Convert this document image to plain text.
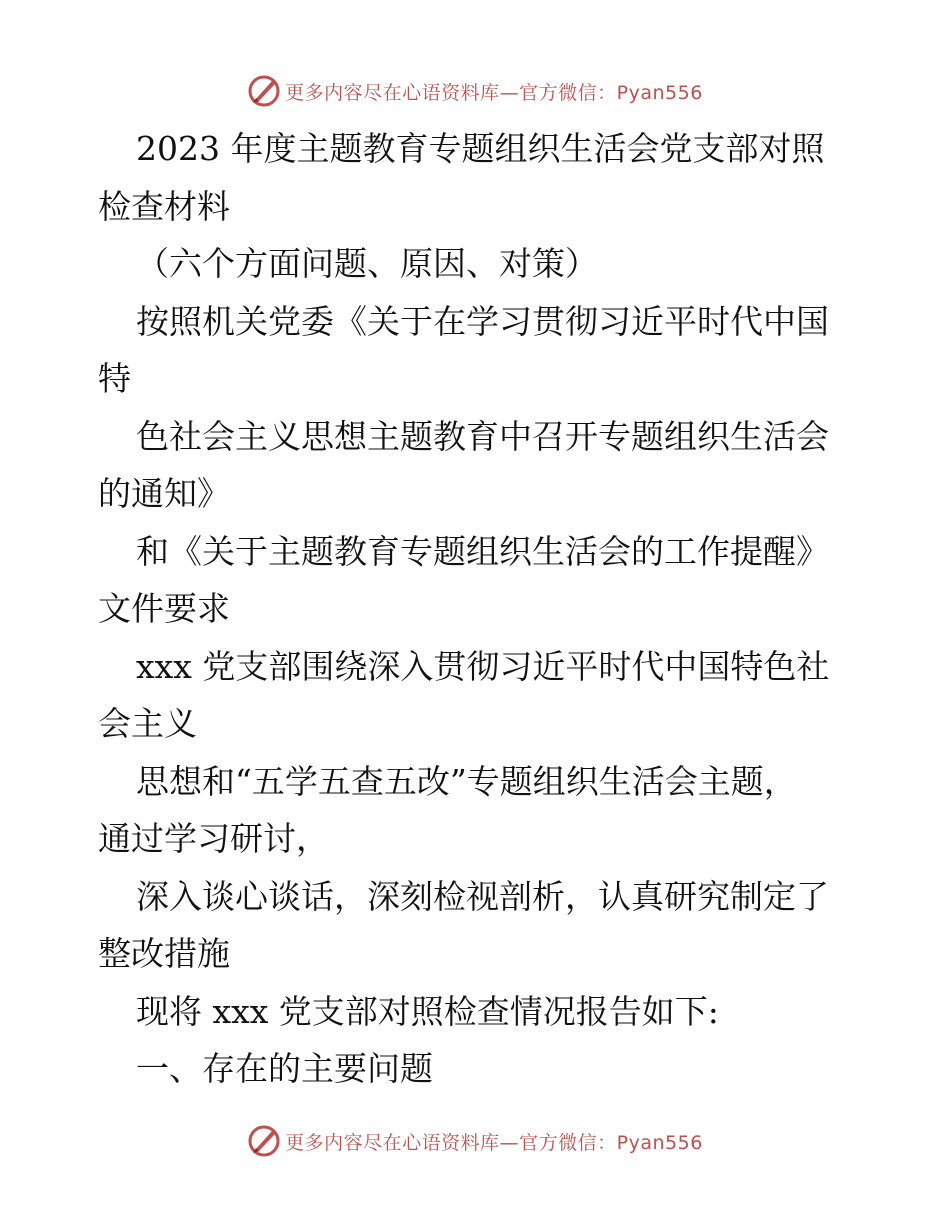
更多内容尽在心语资料库—官方微信：Pyan556

2023 年度主题教育专题组织生活会党支部对照
检查材料

（六个方面问题、原因、对策）

按照机关党委《关于在学习贯彻习近平时代中国
特

色社会主义思想主题教育中召开专题组织生活会
的通知》

和《关于主题教育专题组织生活会的工作提醒》
文件要求

xxx 党支部围绕深入贯彻习近平时代中国特色社
会主义

思想和“五学五查五改”专题组织生活会主题，
通过学习研讨，

深入谈心谈话，深刻检视剖析，认真研究制定了
整改措施

现将 xxx 党支部对照检查情况报告如下:

一、存在的主要问题

更多内容尽在心语资料库—官方微信：Pyan556
